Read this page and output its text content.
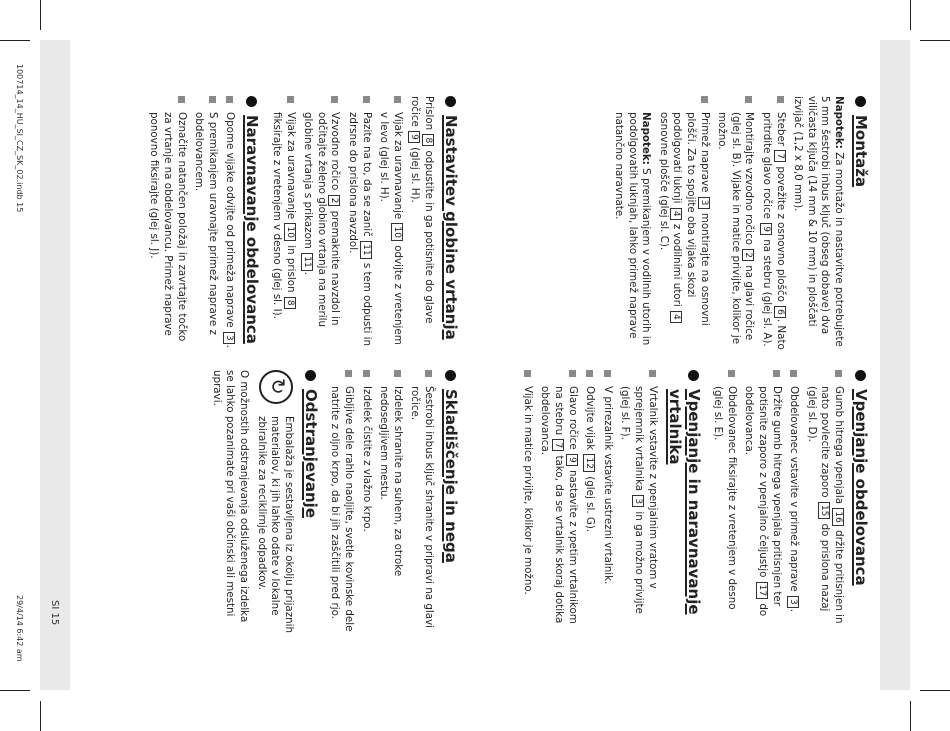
100714_14_HU_SI_CZ_SK_02.indb 15
29/4/14 6:42 am	SI 15
Montaža

Napotek: Za montažo in nastavitve potrebujete 5 mm šestrobi inbus ključ (obseg dobave) dva viličasta ključa (14 mm & 10 mm) in ploščati izvijač (1,2 x 8,0 mm).

Steber 7 povežite z osnovno ploščo 6. Nato pritrdite glavo ročice 9 na stebru (glej sl. A).
Montirajte vzvodno ročico 2 na glavi ročice (glej sl. B). Vijake in matice privijte, kolikor je možno.
Primež naprave 3 montirajte na osnovni plošči. Za to spojite oba vijaka skozi podolgovati luknji 4 z vodilnimi utori 4 osnovne plošče (glej sl. C).

Napotek: S premikanjem v vodilnih utorih in podolgovatih luknjah, lahko primež naprave natančno naravnate.

Vpenjanje obdelovanca
Gumb hitrega vpenjala 16 držite pritisnjen in nato povlecite zaporo 15 do prislona nazaj (glej sl. D).
Obdelovanec vstavite v primež naprave 3.
Držite gumb hitrega vpenjala pritisnjen ter potisnite zaporo z vpenjalno čeljustjo 17 do obdelovanca.
Obdelovanec fiksirajte z vretenjem v desno (glej sl. E).
Vpenjanje in naravnavanje vrtalnika
Vrtalnik vstavite z vpenjalnim vratom v sprejemnik vrtalnika 3 in ga možno privijte (glej sl. F).
V prirezalnik vstavite ustrezni vrtalnik.
Odvijte vijak 12 (glej sl. G).
Glavo ročice 9 nastavite z vpetim vrtalnikom na stebru 7 tako, da se vrtalnik skoraj dotika obdelovanca.
Vijak in matice privijte, kolikor je možno.
Nastavitev globine vrtanja

Prislon 8 odpustite in ga potisnite do glave ročice 9 (glej sl. H).

Vijak za uravnavanje 10 odvijte z vretenjem v levo (glej sl. H).
Pazite na to, da se zanič 11 s tem odpusti in zdrsne do prislona navzdol.
Vzvodno ročico 2 premaknite navzdol in odčitajte želeno globino vrtanja na merilu globine vrtanja s prikazom 11.
Vijak za uravnavanje 10 in prislon 8 fiksirajte z vretenjem v desno (glej sl. I).
Naravnavanje obdelovanca
Opome vijake odvijte od primeža naprave 3.
S premikanjem uravnajte primež naprave z obdelovancem.
Označite natančen položaj in zavrtajte točko za vrtanje na obdelovancu. Primež naprave ponovno fiksirajte (glej sl. J).
Skladiščenje in nega
Šestrobi inbus ključ shranite v pripravi na glavi ročice.
Izdelek shranite na suhem, za otroke nedosegljivem mestu.
Izdelek čistite z vlažno krpo.
Gibljive dele rahlo naoljite, svetle kovinske dele natrite z oljno krpo, da bi jih zaščitili pred rjo.
Odstranjevanje
↻

Embalaža je sestavljena iz okolju prijaznih materialov, ki jih lahko odate v lokalne zbiralnike za reciklirnje odpadkov.

O možnostih odstranjevanja odsluženega izdelka se lahko pozanimate pri vaši občinski ali mestni upravi.
